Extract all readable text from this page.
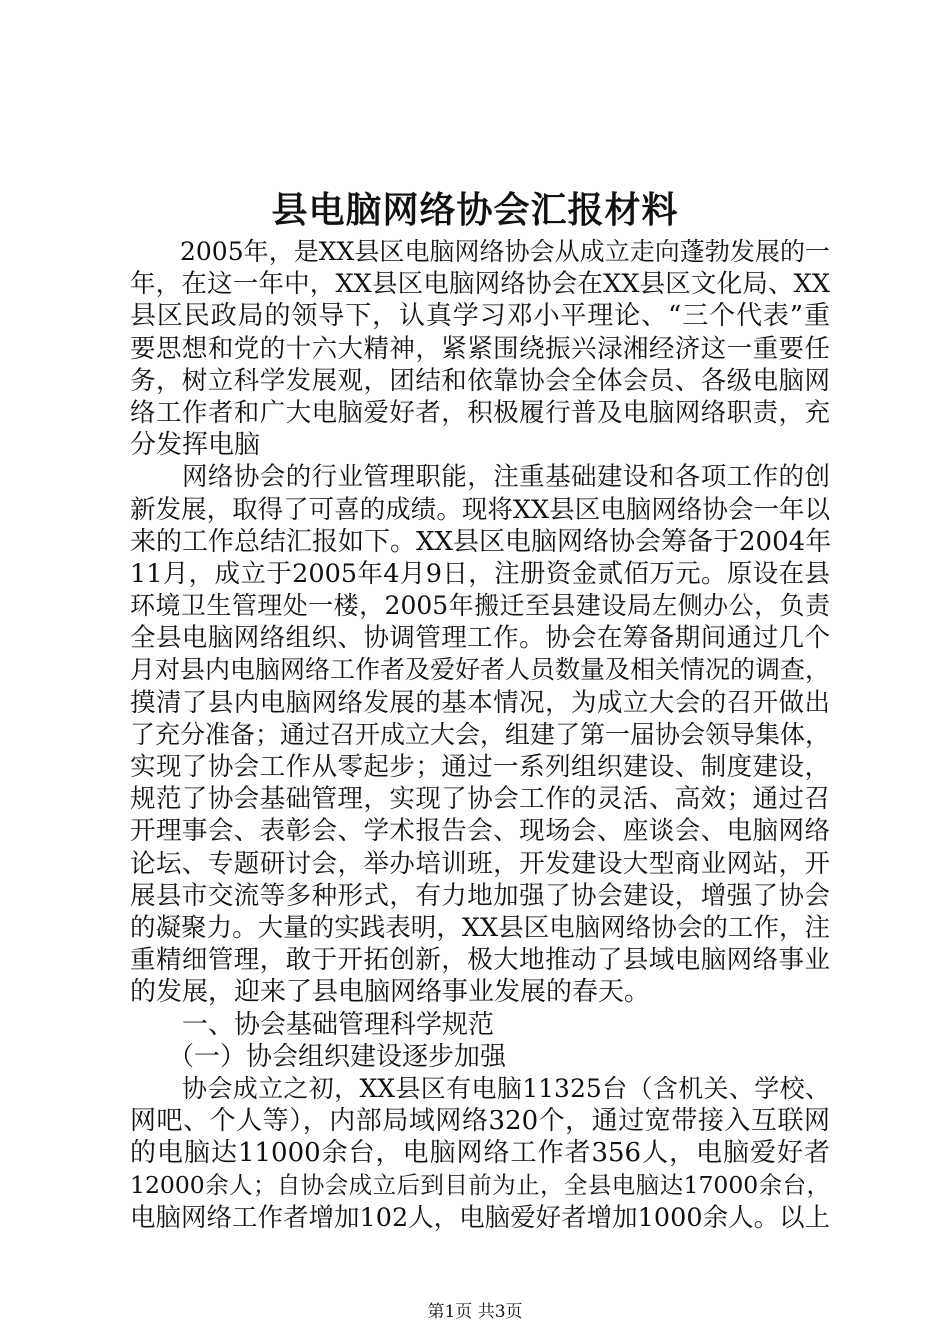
县电脑网络协会汇报材料
2005年，是XX县区电脑网络协会从成立走向蓬勃发展的一
年，在这一年中，XX县区电脑网络协会在XX县区文化局、XX
县区民政局的领导下，认真学习邓小平理论、“三个代表”重
要思想和党的十六大精神，紧紧围绕振兴渌湘经济这一重要任
务，树立科学发展观，团结和依靠协会全体会员、各级电脑网
络工作者和广大电脑爱好者，积极履行普及电脑网络职责，充
分发挥电脑
网络协会的行业管理职能，注重基础建设和各项工作的创
新发展，取得了可喜的成绩。现将XX县区电脑网络协会一年以
来的工作总结汇报如下。XX县区电脑网络协会筹备于2004年
11月，成立于2005年4月9日，注册资金贰佰万元。原设在县
环境卫生管理处一楼，2005年搬迁至县建设局左侧办公，负责
全县电脑网络组织、协调管理工作。协会在筹备期间通过几个
月对县内电脑网络工作者及爱好者人员数量及相关情况的调查，
摸清了县内电脑网络发展的基本情况，为成立大会的召开做出
了充分准备；通过召开成立大会，组建了第一届协会领导集体，
实现了协会工作从零起步；通过一系列组织建设、制度建设，
规范了协会基础管理，实现了协会工作的灵活、高效；通过召
开理事会、表彰会、学术报告会、现场会、座谈会、电脑网络
论坛、专题研讨会，举办培训班，开发建设大型商业网站，开
展县市交流等多种形式，有力地加强了协会建设，增强了协会
的凝聚力。大量的实践表明，XX县区电脑网络协会的工作，注
重精细管理，敢于开拓创新，极大地推动了县域电脑网络事业
的发展，迎来了县电脑网络事业发展的春天。
一、协会基础管理科学规范
（一）协会组织建设逐步加强
协会成立之初，XX县区有电脑11325台（含机关、学校、
网吧、个人等），内部局域网络320个，通过宽带接入互联网
的电脑达11000余台，电脑网络工作者356人，电脑爱好者
12000余人；自协会成立后到目前为止，全县电脑达17000余台，
电脑网络工作者增加102人，电脑爱好者增加1000余人。以上
第1页 共3页
